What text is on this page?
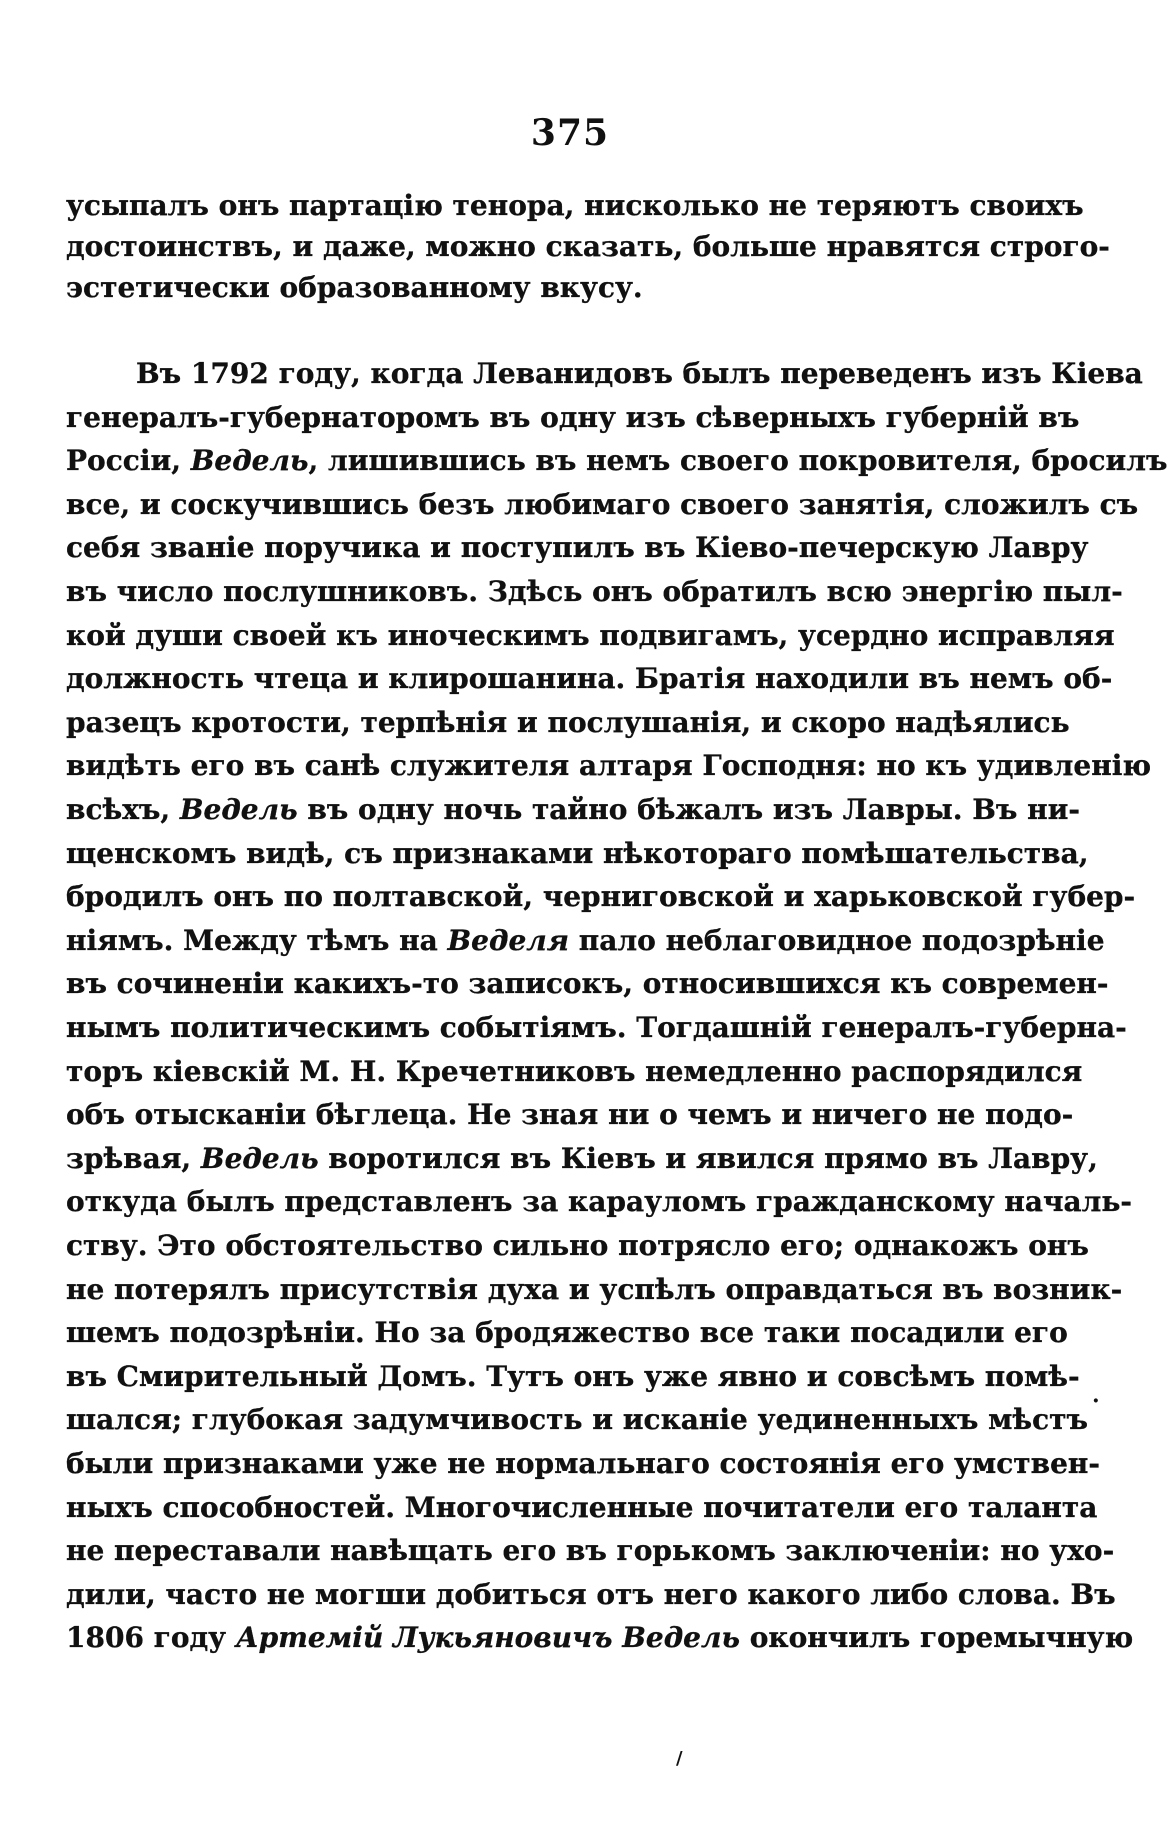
375
усыпалъ онъ партацію тенора, нисколько не теряютъ своихъ
достоинствъ, и даже, можно сказать, больше нравятся строго-
эстетически образованному вкусу.
Въ 1792 году, когда Леванидовъ былъ переведенъ изъ Кіева
генералъ-губернаторомъ въ одну изъ сѣверныхъ губерній въ
Россіи, Ведель, лишившись въ немъ своего покровителя, бросилъ
все, и соскучившись безъ любимаго своего занятія, сложилъ съ
себя званіе поручика и поступилъ въ Кіево-печерскую Лавру
въ число послушниковъ. Здѣсь онъ обратилъ всю энергію пыл-
кой души своей къ иноческимъ подвигамъ, усердно исправляя
должность чтеца и клирошанина. Братія находили въ немъ об-
разецъ кротости, терпѣнія и послушанія, и скоро надѣялись
видѣть его въ санѣ служителя алтаря Господня: но къ удивленію
всѣхъ, Ведель въ одну ночь тайно бѣжалъ изъ Лавры. Въ ни-
щенскомъ видѣ, съ признаками нѣкотораго помѣшательства,
бродилъ онъ по полтавской, черниговской и харьковской губер-
ніямъ. Между тѣмъ на Веделя пало неблаговидное подозрѣніе
въ сочиненіи какихъ-то записокъ, относившихся къ современ-
нымъ политическимъ событіямъ. Тогдашній генералъ-губерна-
торъ кіевскій М. Н. Кречетниковъ немедленно распорядился
объ отысканіи бѣглеца. Не зная ни о чемъ и ничего не подо-
зрѣвая, Ведель воротился въ Кіевъ и явился прямо въ Лавру,
откуда былъ представленъ за карауломъ гражданскому началь-
ству. Это обстоятельство сильно потрясло его; однакожъ онъ
не потерялъ присутствія духа и успѣлъ оправдаться въ возник-
шемъ подозрѣніи. Но за бродяжество все таки посадили его
въ Смирительный Домъ. Тутъ онъ уже явно и совсѣмъ помѣ-
шался; глубокая задумчивость и исканіе уединенныхъ мѣстъ
были признаками уже не нормальнаго состоянія его умствен-
ныхъ способностей. Многочисленные почитатели его таланта
не переставали навѣщать его въ горькомъ заключеніи: но ухо-
дили, часто не могши добиться отъ него какого либо слова. Въ
1806 году Артемій Лукьяновичъ Ведель окончилъ горемычную
·
/
